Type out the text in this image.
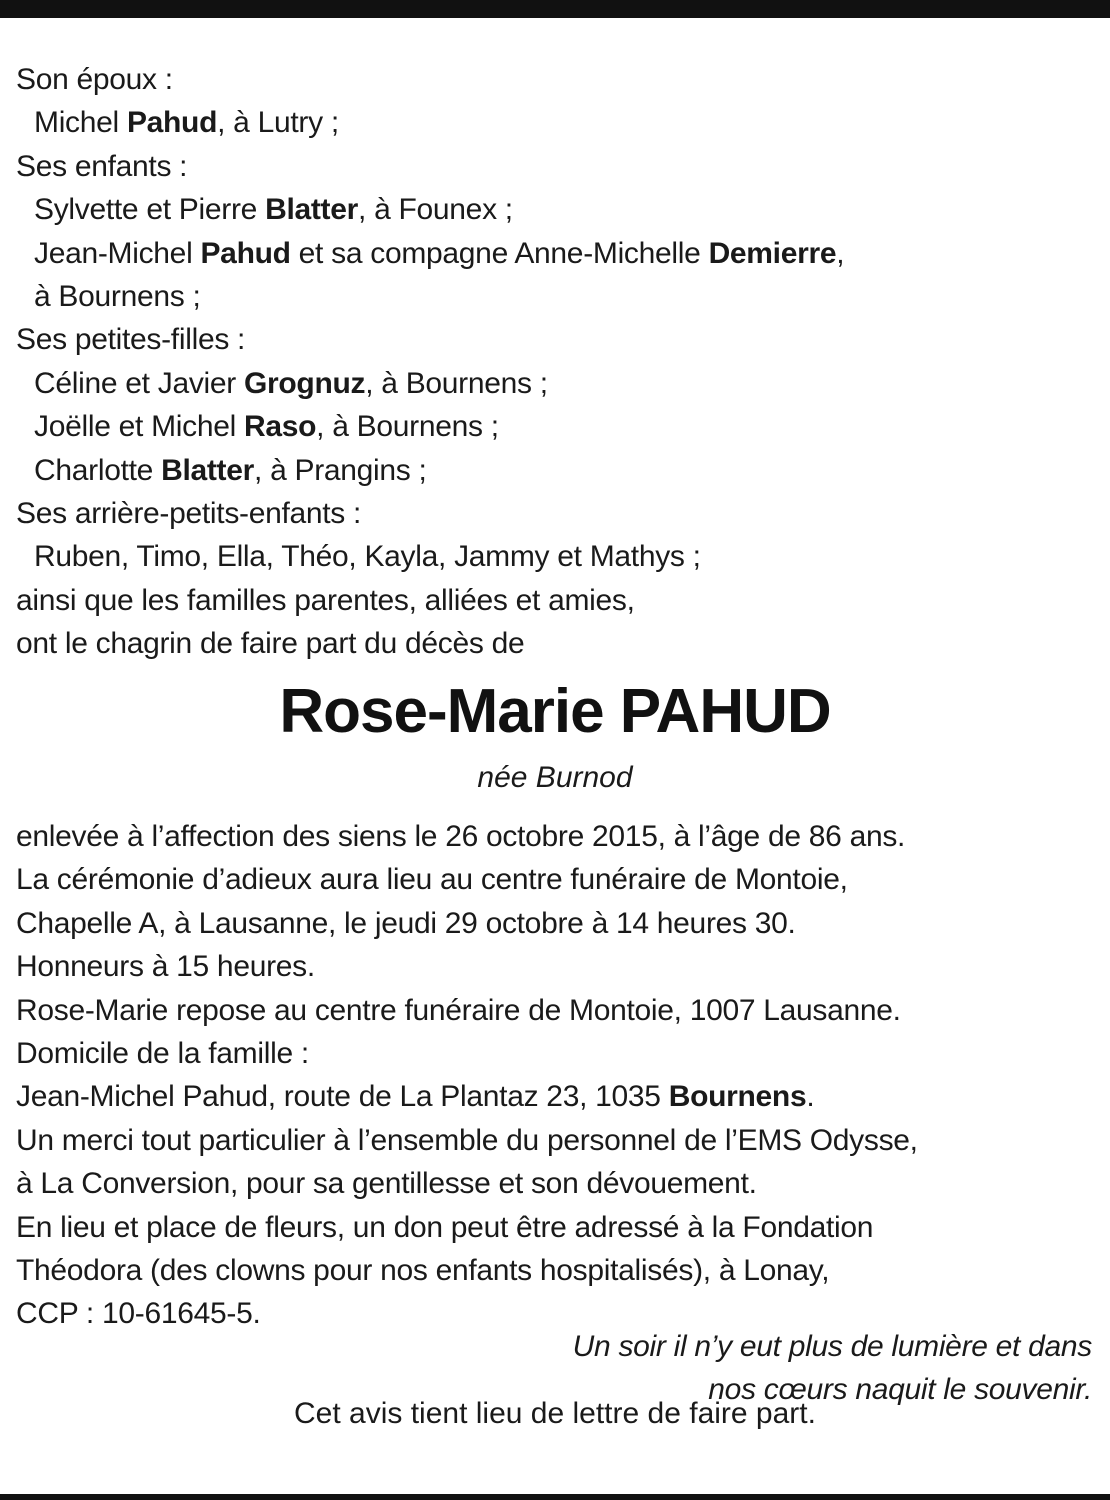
Son époux :
Michel Pahud, à Lutry ;
Ses enfants :
Sylvette et Pierre Blatter, à Founex ;
Jean-Michel Pahud et sa compagne Anne-Michelle Demierre,
à Bournens ;
Ses petites-filles :
Céline et Javier Grognuz, à Bournens ;
Joëlle et Michel Raso, à Bournens ;
Charlotte Blatter, à Prangins ;
Ses arrière-petits-enfants :
Ruben, Timo, Ella, Théo, Kayla, Jammy et Mathys ;
ainsi que les familles parentes, alliées et amies,
ont le chagrin de faire part du décès de
Rose-Marie PAHUD
née Burnod
enlevée à l’affection des siens le 26 octobre 2015, à l’âge de 86 ans.
La cérémonie d’adieux aura lieu au centre funéraire de Montoie,
Chapelle A, à Lausanne, le jeudi 29 octobre à 14 heures 30.
Honneurs à 15 heures.
Rose-Marie repose au centre funéraire de Montoie, 1007 Lausanne.
Domicile de la famille :
Jean-Michel Pahud, route de La Plantaz 23, 1035 Bournens.
Un merci tout particulier à l’ensemble du personnel de l’EMS Odysse,
à La Conversion, pour sa gentillesse et son dévouement.
En lieu et place de fleurs, un don peut être adressé à la Fondation
Théodora (des clowns pour nos enfants hospitalisés), à Lonay,
CCP : 10-61645-5.
Un soir il n’y eut plus de lumière et dans
nos cœurs naquit le souvenir.
Cet avis tient lieu de lettre de faire part.
